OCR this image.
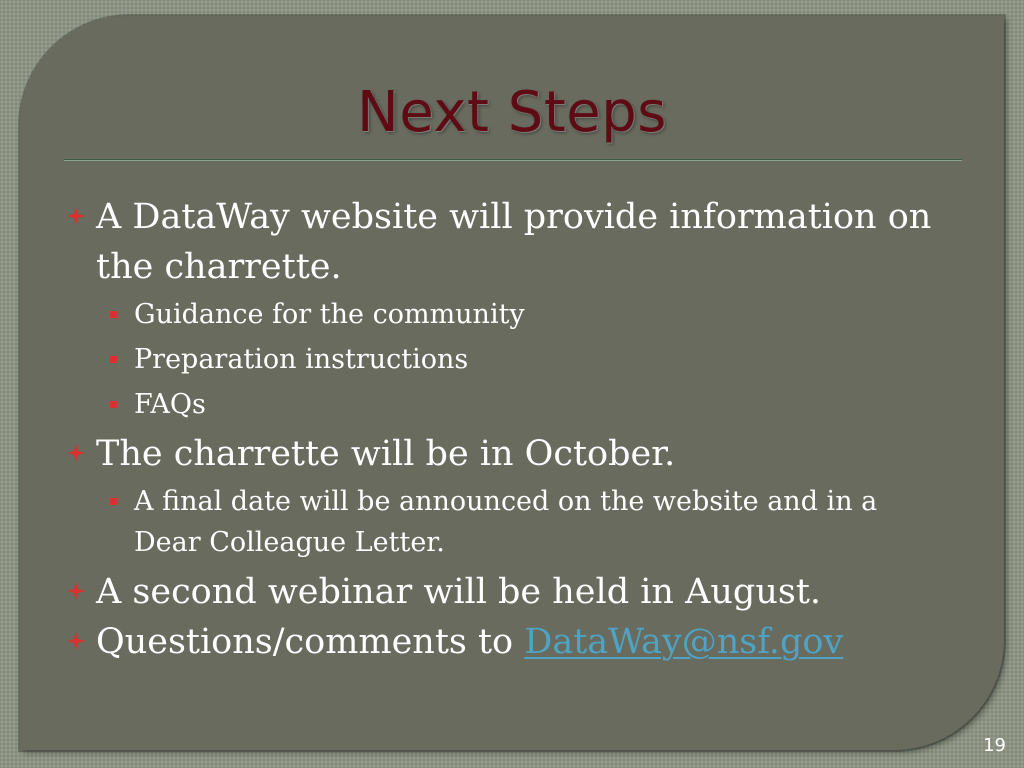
Next Steps
A DataWay website will provide information on the charrette.
Guidance for the community
Preparation instructions
FAQs
The charrette will be in October.
A final date will be announced on the website and in a Dear Colleague Letter.
A second webinar will be held in August.
Questions/comments to DataWay@nsf.gov
19
